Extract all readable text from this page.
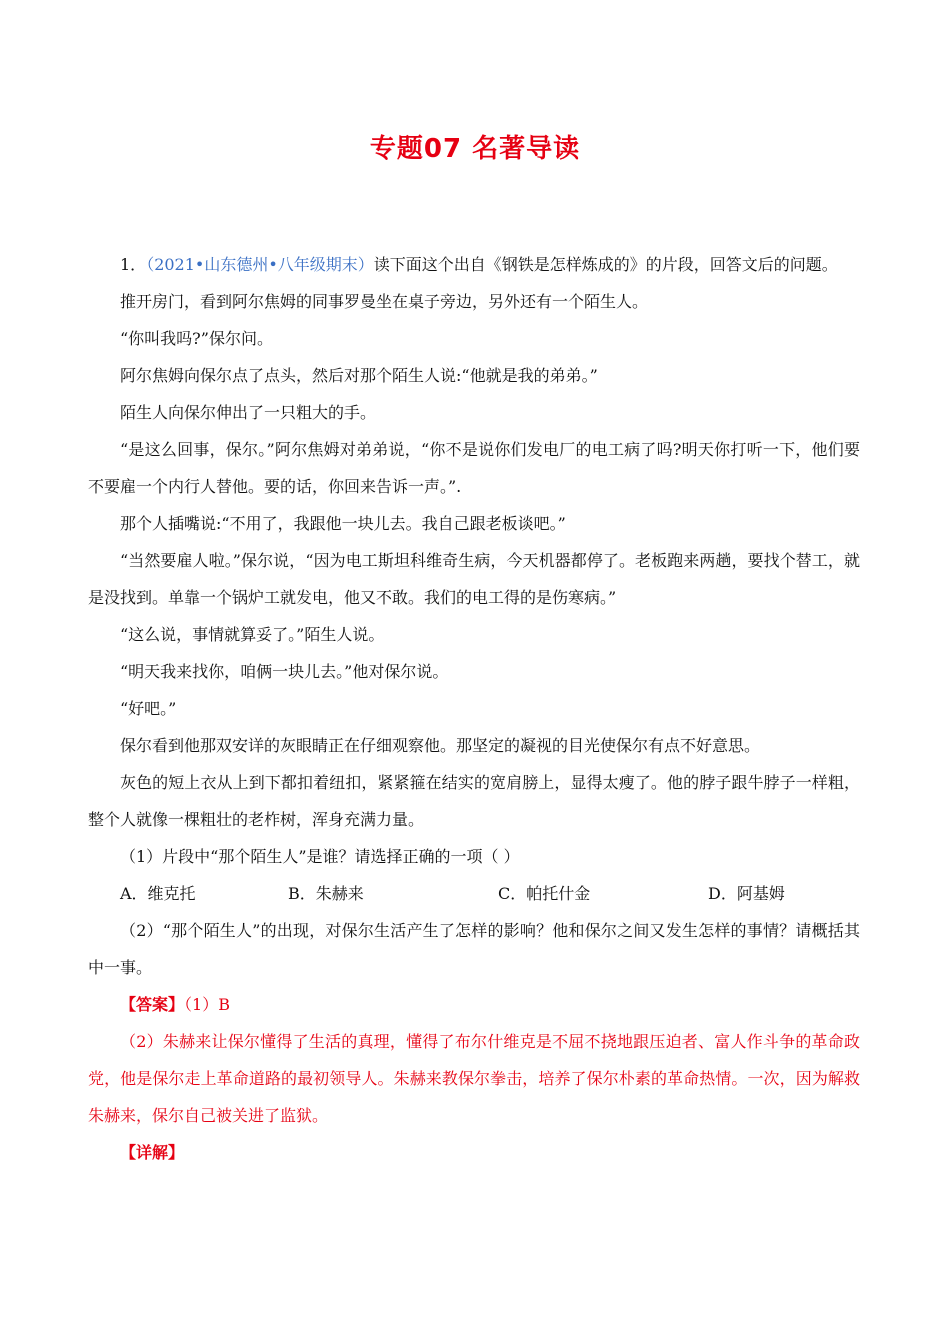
专题07 名著导读

1．（2021•山东德州•八年级期末）读下面这个出自《钢铁是怎样炼成的》的片段，回答文后的问题。

推开房门，看到阿尔焦姆的同事罗曼坐在桌子旁边，另外还有一个陌生人。

“你叫我吗?”保尔问。

阿尔焦姆向保尔点了点头，然后对那个陌生人说:“他就是我的弟弟。”

陌生人向保尔伸出了一只粗大的手。

“是这么回事，保尔。”阿尔焦姆对弟弟说，“你不是说你们发电厂的电工病了吗?明天你打听一下，他们要不要雇一个内行人替他。要的话，你回来告诉一声。”.

那个人插嘴说:“不用了，我跟他一块儿去。我自己跟老板谈吧。”

“当然要雇人啦。”保尔说，“因为电工斯坦科维奇生病，今天机器都停了。老板跑来两趟，要找个替工，就是没找到。单靠一个锅炉工就发电，他又不敢。我们的电工得的是伤寒病。”

“这么说，事情就算妥了。”陌生人说。

“明天我来找你，咱俩一块儿去。”他对保尔说。

“好吧。”

保尔看到他那双安详的灰眼睛正在仔细观察他。那坚定的凝视的目光使保尔有点不好意思。

灰色的短上衣从上到下都扣着纽扣，紧紧箍在结实的宽肩膀上，显得太瘦了。他的脖子跟牛脖子一样粗，整个人就像一棵粗壮的老柞树，浑身充满力量。

（1）片段中“那个陌生人”是谁？请选择正确的一项（ ）

A．维克托	B．朱赫来	C．帕托什金	D．阿基姆

（2）“那个陌生人”的出现，对保尔生活产生了怎样的影响？他和保尔之间又发生怎样的事情？请概括其中一事。

【答案】（1）B

（2）朱赫来让保尔懂得了生活的真理，懂得了布尔什维克是不屈不挠地跟压迫者、富人作斗争的革命政党，他是保尔走上革命道路的最初领导人。朱赫来教保尔拳击，培养了保尔朴素的革命热情。一次，因为解救朱赫来，保尔自己被关进了监狱。

【详解】
